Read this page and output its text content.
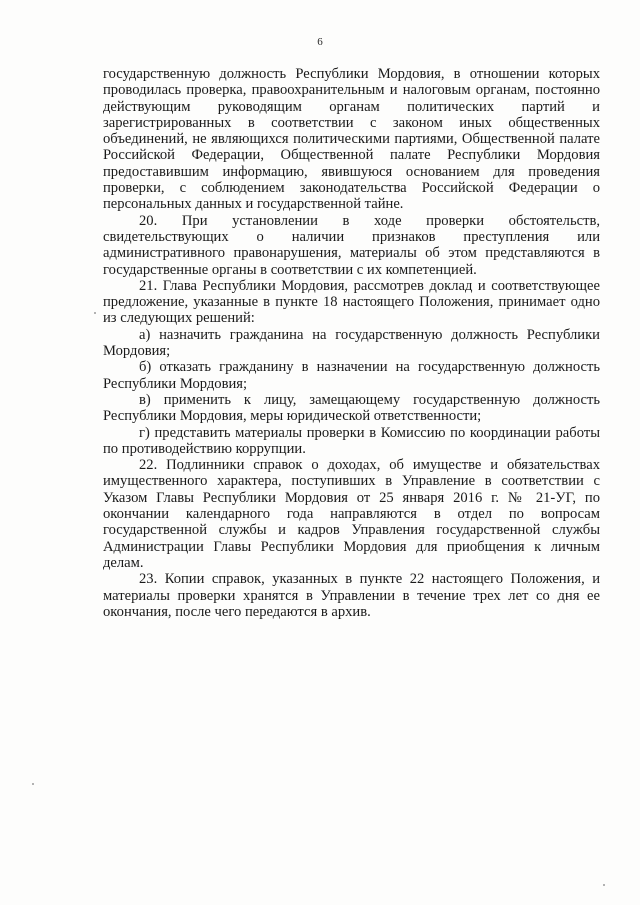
6

государственную должность Республики Мордовия, в отношении которых проводилась проверка, правоохранительным и налоговым органам, постоянно действующим руководящим органам политических партий и зарегистрированных в соответствии с законом иных общественных объединений, не являющихся политическими партиями, Общественной палате Российской Федерации, Общественной палате Республики Мордовия предоставившим информацию, явившуюся основанием для проведения проверки, с соблюдением законодательства Российской Федерации о персональных данных и государственной тайне.

20. При установлении в ходе проверки обстоятельств, свидетельствующих о наличии признаков преступления или административного правонарушения, материалы об этом представляются в государственные органы в соответствии с их компетенцией.

21. Глава Республики Мордовия, рассмотрев доклад и соответствующее предложение, указанные в пункте 18 настоящего Положения, принимает одно из следующих решений:

а) назначить гражданина на государственную должность Республики Мордовия;

б) отказать гражданину в назначении на государственную должность Республики Мордовия;

в) применить к лицу, замещающему государственную должность Республики Мордовия, меры юридической ответственности;

г) представить материалы проверки в Комиссию по координации работы по противодействию коррупции.

22. Подлинники справок о доходах, об имуществе и обязательствах имущественного характера, поступивших в Управление в соответствии с Указом Главы Республики Мордовия от 25 января 2016 г. № 21-УГ, по окончании календарного года направляются в отдел по вопросам государственной службы и кадров Управления государственной службы Администрации Главы Республики Мордовия для приобщения к личным делам.

23. Копии справок, указанных в пункте 22 настоящего Положения, и материалы проверки хранятся в Управлении в течение трех лет со дня ее окончания, после чего передаются в архив.
